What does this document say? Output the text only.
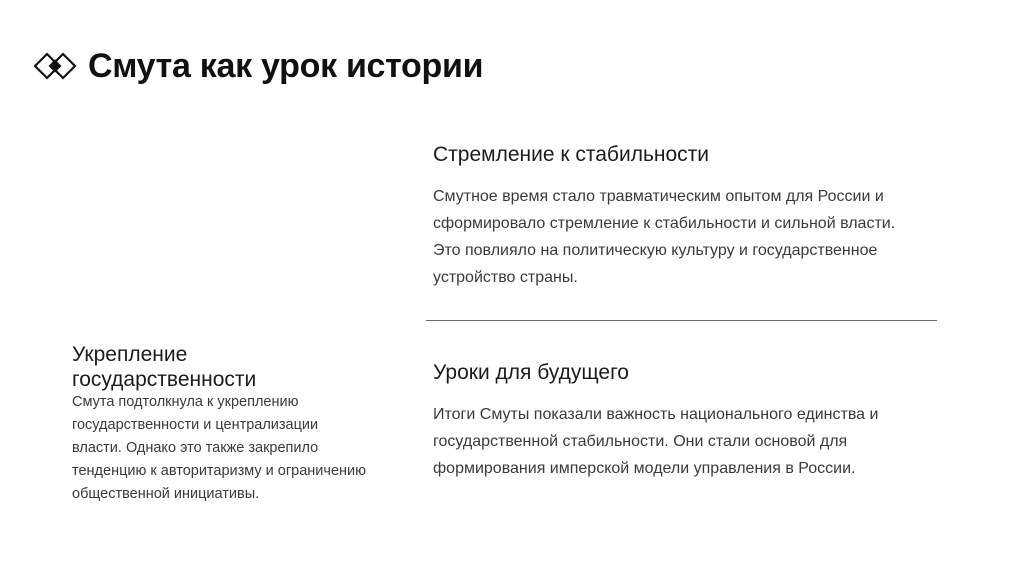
Смута как урок истории
Стремление к стабильности

Смутное время стало травматическим опытом для России и сформировало стремление к стабильности и сильной власти. Это повлияло на политическую культуру и государственное устройство страны.

Уроки для будущего

Итоги Смуты показали важность национального единства и государственной стабильности. Они стали основой для формирования имперской модели управления в России.

Укрепление государственности

Смута подтолкнула к укреплению государственности и централизации власти. Однако это также закрепило тенденцию к авторитаризму и ограничению общественной инициативы.
